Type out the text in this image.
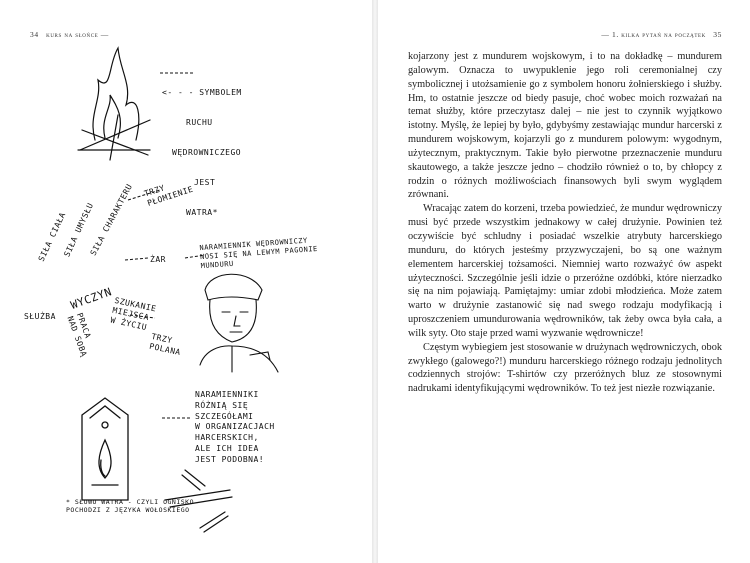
34 kurs na słońce —

<- - - SYMBOLEM

RUCHU

WĘDROWNICZEGO

JEST

WATRA*

TRZY
PŁOMIENIE
SIŁA CIAŁA
SIŁA UMYSŁU
SIŁA CHARAKTERU
ŻAR
WYCZYN SZUKANIE
MIEJSCA
W ŻYCIU
SŁUŻBA	PRACA
NAD SOBĄ	TRZY
POLANA
NARAMIENNIK WĘDROWNICZY
NOSI SIĘ NA LEWYM PAGONIE
MUNDURU
NARAMIENNIKI
RÓŻNIĄ SIĘ
SZCZEGÓŁAMI
W ORGANIZACJACH
HARCERSKICH,
ALE ICH IDEA
JEST PODOBNA!
* SŁOWO WATRA - CZYLI OGNISKO
POCHODZI Z JĘZYKA WOŁOSKIEGO
— 1. kilka pytań na początek 35

kojarzony jest z mundurem wojskowym, i to na dokładkę – mundurem galowym. Oznacza to uwypuklenie jego roli ceremonialnej czy symbolicznej i utożsamienie go z symbolem honoru żołnierskiego i służby. Hm, to ostatnie jeszcze od biedy pasuje, choć wobec moich rozważań na temat służby, które przeczytasz dalej – nie jest to czynnik wyjątkowo istotny. Myślę, że lepiej by było, gdybyśmy zestawiając mundur harcerski z mundurem wojskowym, kojarzyli go z mundurem polowym: wygodnym, użytecznym, praktycznym. Takie było pierwotne przeznaczenie munduru skautowego, a także jeszcze jedno – chodziło również o to, by chłopcy z rodzin o różnych możliwościach finansowych byli swym wyglądem zrównani.

Wracając zatem do korzeni, trzeba powiedzieć, że mundur wędrowniczy musi być przede wszystkim jednakowy w całej drużynie. Powinien też oczywiście być schludny i posiadać wszelkie atrybuty harcerskiego munduru, do których jesteśmy przyzwyczajeni, bo są one ważnym elementem harcerskiej tożsamości. Niemniej warto rozważyć ów aspekt użyteczności. Szczególnie jeśli idzie o przeróżne ozdóbki, które nierzadko się na nim pojawiają. Pamiętajmy: umiar zdobi młodzieńca. Może zatem warto w drużynie zastanowić się nad swego rodzaju modyfikacją i uproszczeniem umundurowania wędrowników, tak żeby owca była cała, a wilk syty. Oto staje przed wami wyzwanie wędrownicze!

Częstym wybiegiem jest stosowanie w drużynach wędrowniczych, obok zwykłego (galowego?!) munduru harcerskiego różnego rodzaju jednolitych codziennych strojów: T-shirtów czy przeróżnych bluz ze stosownymi nadrukami identyfikującymi wędrowników. To też jest niezłe rozwiązanie.
